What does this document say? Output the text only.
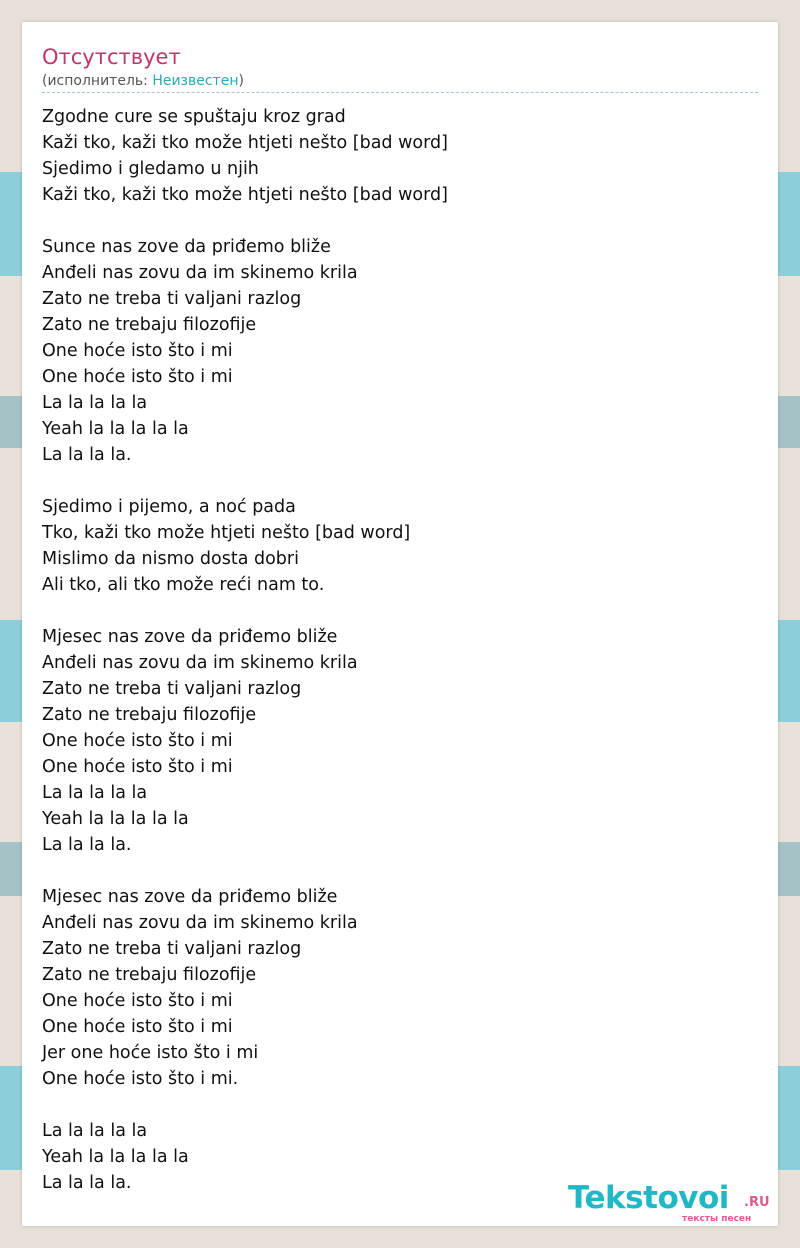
Отсутствует
(исполнитель: Неизвестен)
Zgodne cure se spuštaju kroz grad
Kaži tko, kaži tko može htjeti nešto [bad word]
Sjedimo i gledamo u njih
Kaži tko, kaži tko može htjeti nešto [bad word]
Sunce nas zove da priđemo bliže
Anđeli nas zovu da im skinemo krila
Zato ne treba ti valjani razlog
Zato ne trebaju filozofije
One hoće isto što i mi
One hoće isto što i mi
La la la la la
Yeah la la la la la
La la la la.
Sjedimo i pijemo, a noć pada
Tko, kaži tko može htjeti nešto [bad word]
Mislimo da nismo dosta dobri
Ali tko, ali tko može reći nam to.
Mjesec nas zove da priđemo bliže
Anđeli nas zovu da im skinemo krila
Zato ne treba ti valjani razlog
Zato ne trebaju filozofije
One hoće isto što i mi
One hoće isto što i mi
La la la la la
Yeah la la la la la
La la la la.
Mjesec nas zove da priđemo bliže
Anđeli nas zovu da im skinemo krila
Zato ne treba ti valjani razlog
Zato ne trebaju filozofije
One hoće isto što i mi
One hoće isto što i mi
Jer one hoće isto što i mi
One hoće isto što i mi.
La la la la la
Yeah la la la la la
La la la la.	Tekstovoi .RU
тексты песен
